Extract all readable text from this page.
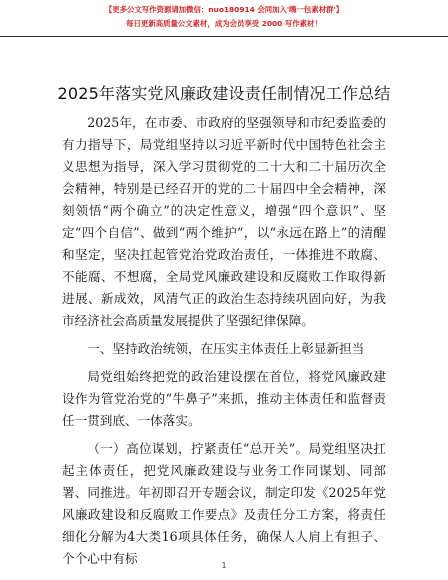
【更多公文写作资源请加微信：nuo180914 会同加入'嗨一包素材群'】
每日更新高质量公文素材，成为会员享受 2000 写作素材！
2025年落实党风廉政建设责任制情况工作总结

2025年，在市委、市政府的坚强领导和市纪委监委的有力指导下，局党组坚持以习近平新时代中国特色社会主义思想为指导，深入学习贯彻党的二十大和二十届历次全会精神，特别是已经召开的党的二十届四中全会精神，深刻领悟“两个确立”的决定性意义，增强“四个意识”、坚定“四个自信”、做到“两个维护”，以“永远在路上”的清醒和坚定，坚决扛起管党治党政治责任，一体推进不敢腐、不能腐、不想腐，全局党风廉政建设和反腐败工作取得新进展、新成效，风清气正的政治生态持续巩固向好，为我市经济社会高质量发展提供了坚强纪律保障。

一、坚持政治统领，在压实主体责任上彰显新担当

局党组始终把党的政治建设摆在首位，将党风廉政建设作为管党治党的“牛鼻子”来抓，推动主体责任和监督责任一贯到底、一体落实。

（一）高位谋划，拧紧责任“总开关”。局党组坚决扛起主体责任，把党风廉政建设与业务工作同谋划、同部署、同推进。年初即召开专题会议，制定印发《2025年党风廉政建设和反腐败工作要点》及责任分工方案，将责任细化分解为4大类16项具体任务，确保人人肩上有担子、个个心中有标	1
